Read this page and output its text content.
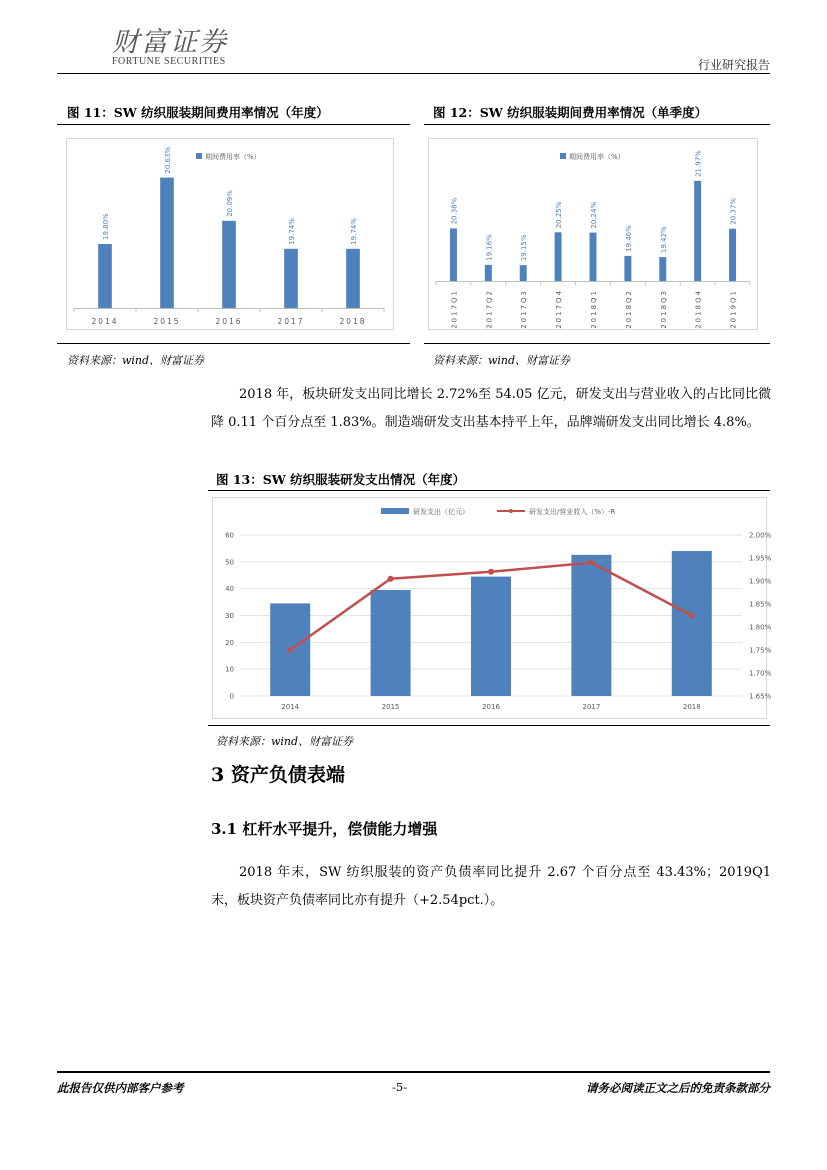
财富证券
FORTUNE SECURITIES	行业研究报告
图 11：SW 纺织服装期间费用率情况（年度）
期间费用率（%）
19.80%
2014
20.63%
2015
20.09%
2016
19.74%
2017
19.74%
2018
资料来源：wind、财富证券
图 12：SW 纺织服装期间费用率情况（单季度）
期间费用率（%）
20.38%
2017Q1
19.16%
2017Q2
19.15%
2017Q3
20.25%
2017Q4
20.24%
2018Q1
19.46%
2018Q2
19.42%
2018Q3
21.97%
2018Q4
20.37%
2019Q1
资料来源：wind、财富证券
2018 年，板块研发支出同比增长 2.72%至 54.05 亿元，研发支出与营业收入的占比同比微降 0.11 个百分点至 1.83%。制造端研发支出基本持平上年，品牌端研发支出同比增长 4.8%。
图 13：SW 纺织服装研发支出情况（年度）
0
10
20
30
40
50
60
1.65%
1.70%
1.75%
1.80%
1.85%
1.90%
1.95%
2.00%
研发支出（亿元）	研发支出/营业收入（%）-R
2014	2015	2016	2017	2018
资料来源：wind、财富证券
3 资产负债表端
3.1 杠杆水平提升，偿债能力增强
2018 年末，SW 纺织服装的资产负债率同比提升 2.67 个百分点至 43.43%；2019Q1 末，板块资产负债率同比亦有提升（+2.54pct.）。
此报告仅供内部客户参考	-5-	请务必阅读正文之后的免责条款部分
